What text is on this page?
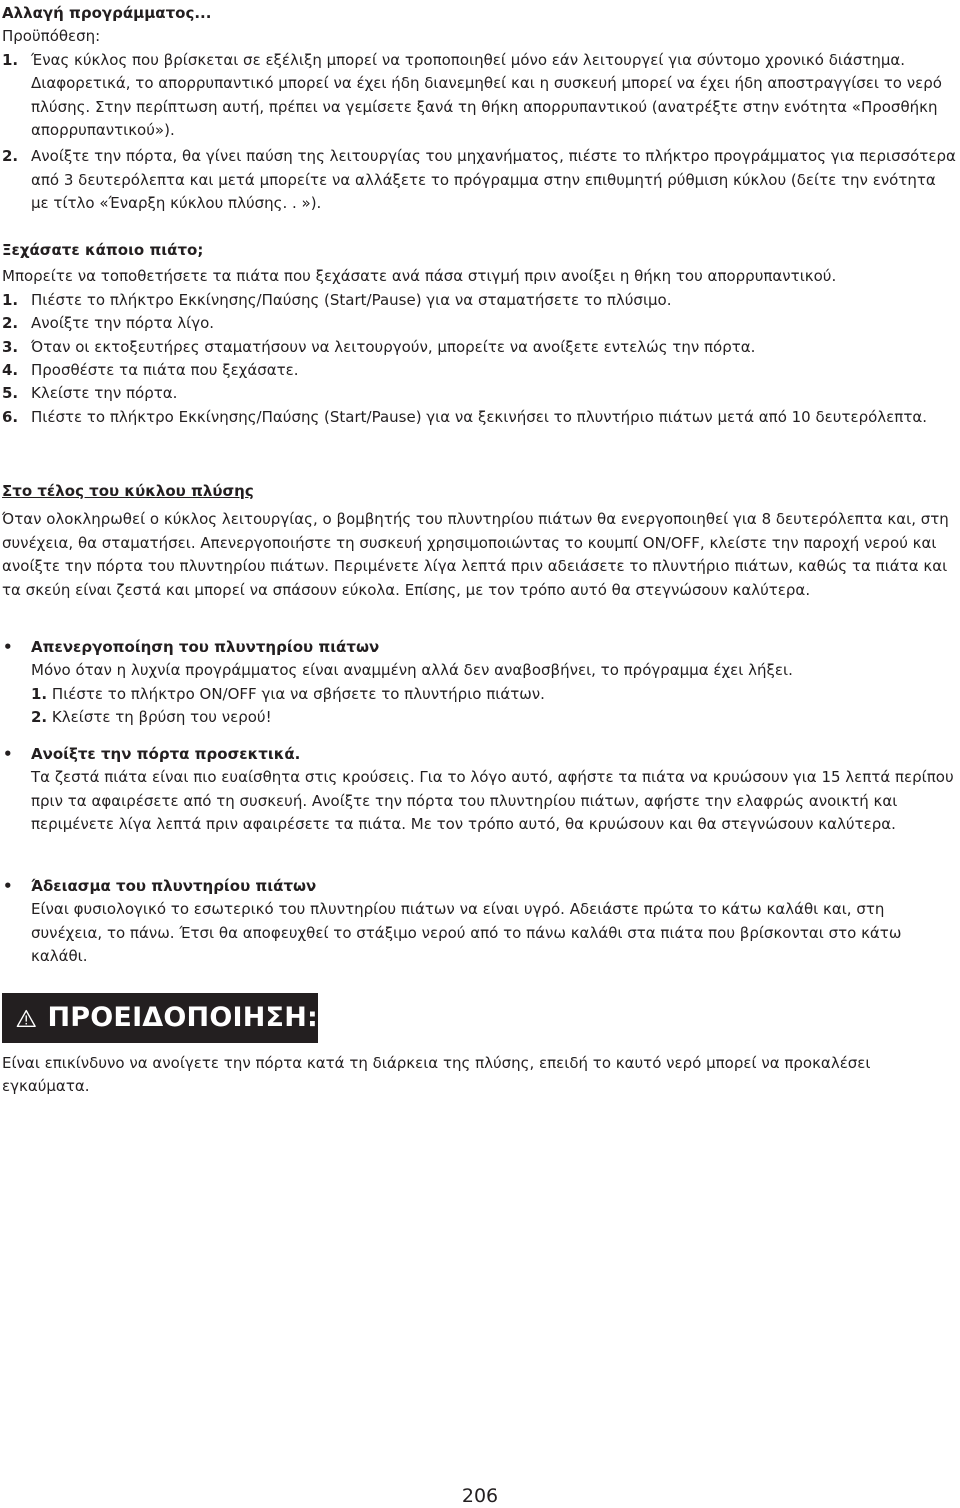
Αλλαγή προγράμματος...
Προϋπόθεση:
1. Ένας κύκλος που βρίσκεται σε εξέλιξη μπορεί να τροποποιηθεί μόνο εάν λειτουργεί για σύντομο χρονικό διάστημα. Διαφορετικά, το απορρυπαντικό μπορεί να έχει ήδη διανεμηθεί και η συσκευή μπορεί να έχει ήδη αποστραγγίσει το νερό πλύσης. Στην περίπτωση αυτή, πρέπει να γεμίσετε ξανά τη θήκη απορρυπαντικού (ανατρέξτε στην ενότητα «Προσθήκη απορρυπαντικού»).
2. Ανοίξτε την πόρτα, θα γίνει παύση της λειτουργίας του μηχανήματος, πιέστε το πλήκτρο προγράμματος για περισσότερα από 3 δευτερόλεπτα και μετά μπορείτε να αλλάξετε το πρόγραμμα στην επιθυμητή ρύθμιση κύκλου (δείτε την ενότητα με τίτλο «Έναρξη κύκλου πλύσης. . »).
Ξεχάσατε κάποιο πιάτο;
Μπορείτε να τοποθετήσετε τα πιάτα που ξεχάσατε ανά πάσα στιγμή πριν ανοίξει η θήκη του απορρυπαντικού.
1. Πιέστε το πλήκτρο Εκκίνησης/Παύσης (Start/Pause) για να σταματήσετε το πλύσιμο.
2. Ανοίξτε την πόρτα λίγο.
3. Όταν οι εκτοξευτήρες σταματήσουν να λειτουργούν, μπορείτε να ανοίξετε εντελώς την πόρτα.
4. Προσθέστε τα πιάτα που ξεχάσατε.
5. Κλείστε την πόρτα.
6. Πιέστε το πλήκτρο Εκκίνησης/Παύσης (Start/Pause) για να ξεκινήσει το πλυντήριο πιάτων μετά από 10 δευτερόλεπτα.
Στο τέλος του κύκλου πλύσης
Όταν ολοκληρωθεί ο κύκλος λειτουργίας, ο βομβητής του πλυντηρίου πιάτων θα ενεργοποιηθεί για 8 δευτερόλεπτα και, στη συνέχεια, θα σταματήσει. Απενεργοποιήστε τη συσκευή χρησιμοποιώντας το κουμπί ON/OFF, κλείστε την παροχή νερού και ανοίξτε την πόρτα του πλυντηρίου πιάτων. Περιμένετε λίγα λεπτά πριν αδειάσετε το πλυντήριο πιάτων, καθώς τα πιάτα και τα σκεύη είναι ζεστά και μπορεί να σπάσουν εύκολα. Επίσης, με τον τρόπο αυτό θα στεγνώσουν καλύτερα.
• Απενεργοποίηση του πλυντηρίου πιάτων
Μόνο όταν η λυχνία προγράμματος είναι αναμμένη αλλά δεν αναβοσβήνει, το πρόγραμμα έχει λήξει.
1. Πιέστε το πλήκτρο ON/OFF για να σβήσετε το πλυντήριο πιάτων.
2. Κλείστε τη βρύση του νερού!
• Ανοίξτε την πόρτα προσεκτικά.
Τα ζεστά πιάτα είναι πιο ευαίσθητα στις κρούσεις. Για το λόγο αυτό, αφήστε τα πιάτα να κρυώσουν για 15 λεπτά περίπου πριν τα αφαιρέσετε από τη συσκευή. Ανοίξτε την πόρτα του πλυντηρίου πιάτων, αφήστε την ελαφρώς ανοικτή και περιμένετε λίγα λεπτά πριν αφαιρέσετε τα πιάτα. Με τον τρόπο αυτό, θα κρυώσουν και θα στεγνώσουν καλύτερα.
• Άδειασμα του πλυντηρίου πιάτων
Είναι φυσιολογικό το εσωτερικό του πλυντηρίου πιάτων να είναι υγρό. Αδειάστε πρώτα το κάτω καλάθι και, στη συνέχεια, το πάνω. Έτσι θα αποφευχθεί το στάξιμο νερού από το πάνω καλάθι στα πιάτα που βρίσκονται στο κάτω καλάθι.
ΠΡΟΕΙΔΟΠΟΙΗΣΗ:
Είναι επικίνδυνο να ανοίγετε την πόρτα κατά τη διάρκεια της πλύσης, επειδή το καυτό νερό μπορεί να προκαλέσει εγκαύματα.
206
